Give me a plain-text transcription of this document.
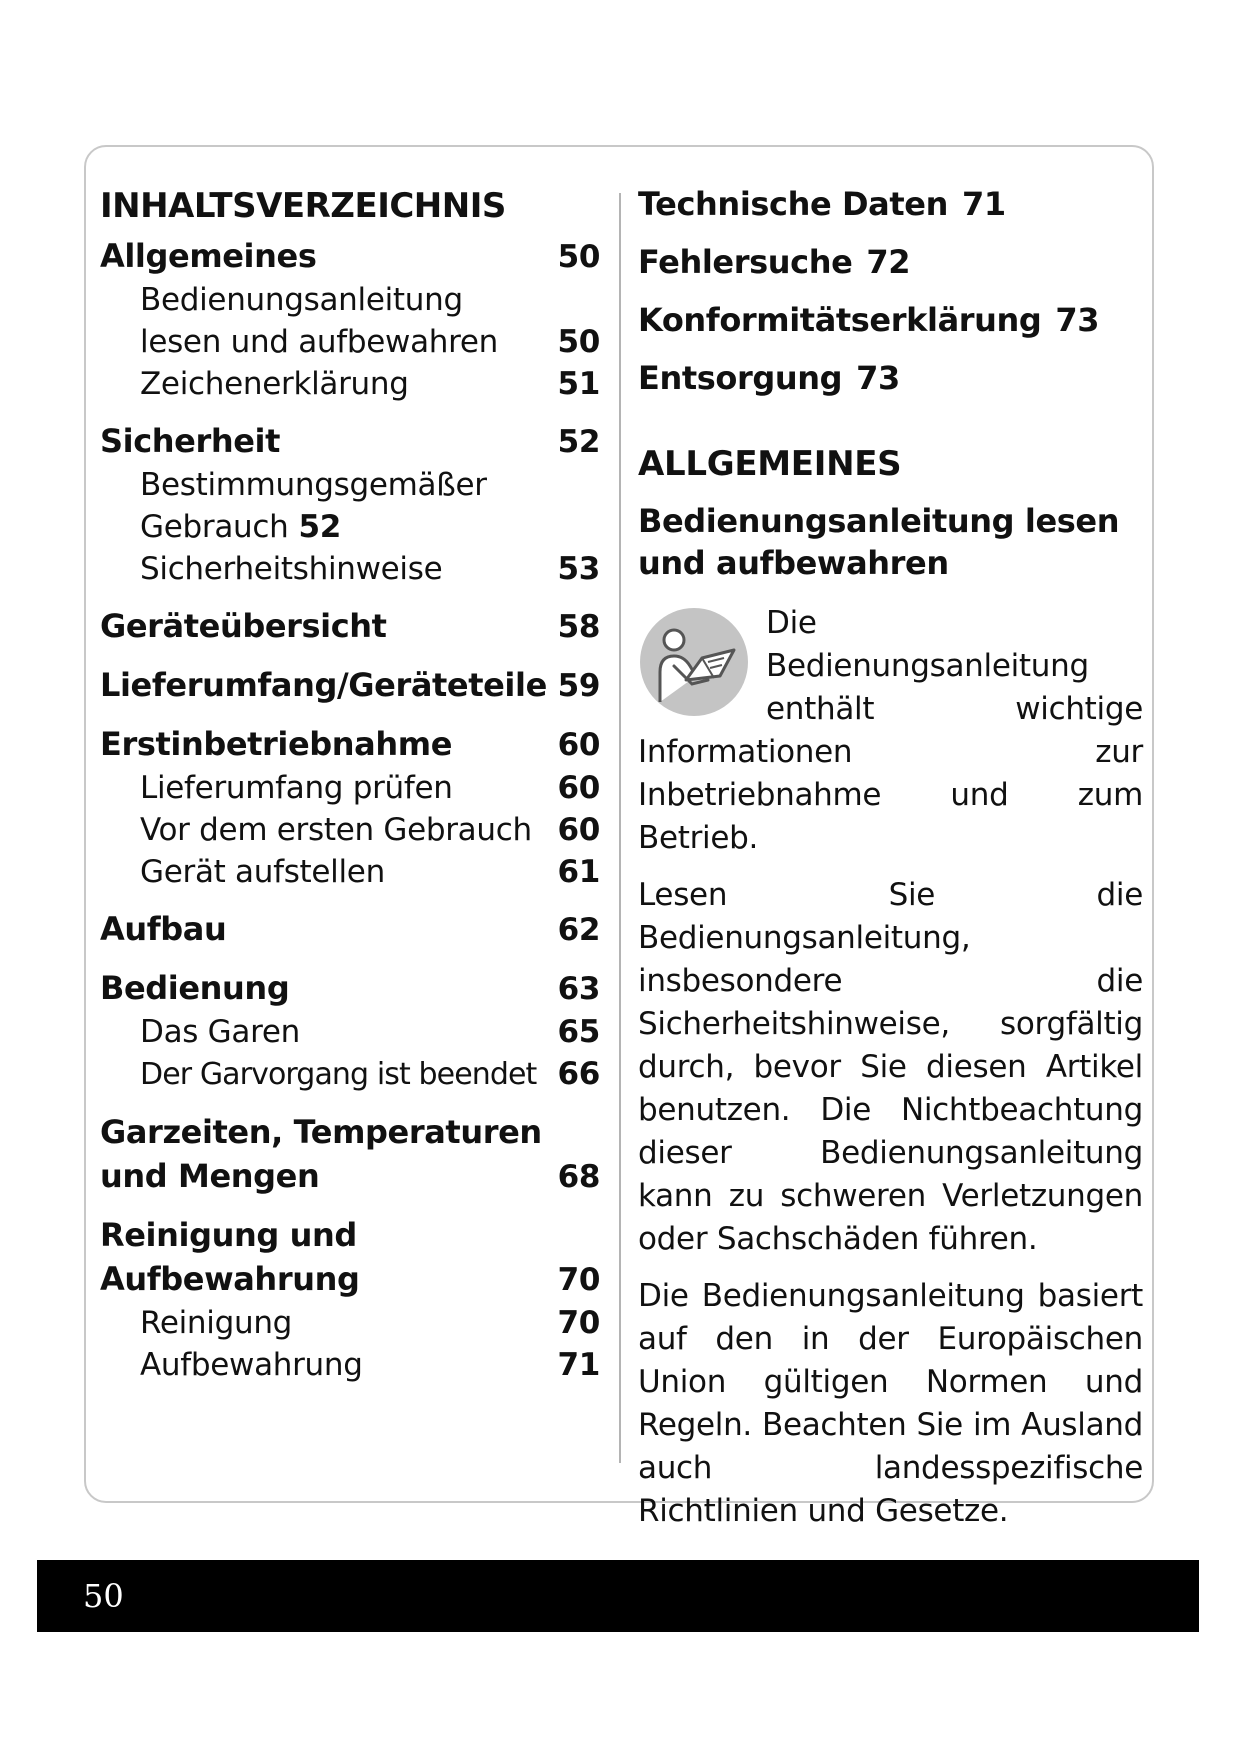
INHALTSVERZEICHNIS
Allgemeines	50
Bedienungsanleitung
lesen und aufbewahren 50
Zeichenerklärung	51
Sicherheit	52
Bestimmungsgemäßer
Gebrauch 52
Sicherheitshinweise	53
Geräteübersicht	58
Lieferumfang/Geräteteile 59
Erstinbetriebnahme	60
Lieferumfang prüfen	60
Vor dem ersten Gebrauch 60
Gerät aufstellen	61
Aufbau	62
Bedienung	63
Das Garen	65
Der Garvorgang ist beendet 66
Garzeiten, Temperaturen
und Mengen	68
Reinigung und
Aufbewahrung	70
Reinigung	70
Aufbewahrung	71
Technische Daten 71
Fehlersuche 72
Konformitätserklärung 73
Entsorgung 73
ALLGEMEINES
Bedienungsanleitung lesen
und aufbewahren

Die Bedienungsanleitung enthält wichtige Informationen zur Inbetriebnahme und zum Betrieb.

Lesen Sie die Bedienungsanleitung, insbesondere die Sicherheitshinweise, sorgfältig durch, bevor Sie diesen Artikel benutzen. Die Nichtbeachtung dieser Bedienungsanleitung kann zu schweren Verletzungen oder Sachschäden führen.

Die Bedienungsanleitung basiert auf den in der Europäischen Union gültigen Normen und Regeln. Beachten Sie im Ausland auch landesspezifische Richtlinien und Gesetze.

50
